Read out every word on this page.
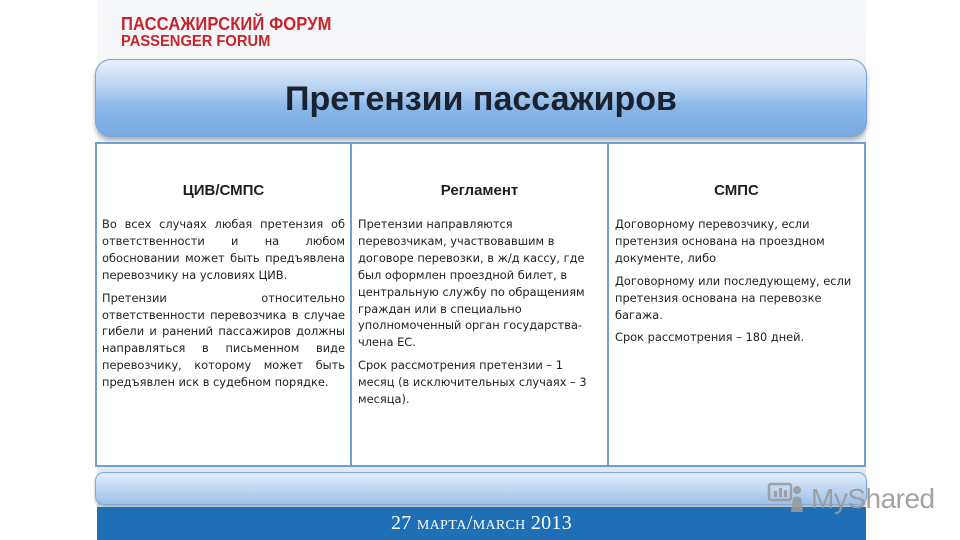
ПАССАЖИРСКИЙ ФОРУМ
PASSENGER FORUM
Претензии пассажиров
ЦИВ/СМПС

Во всех случаях любая претензия об ответственности и на любом обосновании может быть предъявлена перевозчику на условиях ЦИВ.

Претензии относительно ответственности перевозчика в случае гибели и ранений пассажиров должны направляться в письменном виде перевозчику, которому может быть предъявлен иск в судебном порядке.

Регламент

Претензии направляются перевозчикам, участвовавшим в договоре перевозки, в ж/д кассу, где был оформлен проездной билет, в центральную службу по обращениям граждан или в специально уполномоченный орган государства-члена ЕС.

Срок рассмотрения претензии – 1 месяц (в исключительных случаях – 3 месяца).

СМПС

Договорному перевозчику, если претензия основана на проездном документе, либо

Договорному или последующему, если претензия основана на перевозке багажа.

Срок рассмотрения – 180 дней.

27 марта/march 2013
MyShared
